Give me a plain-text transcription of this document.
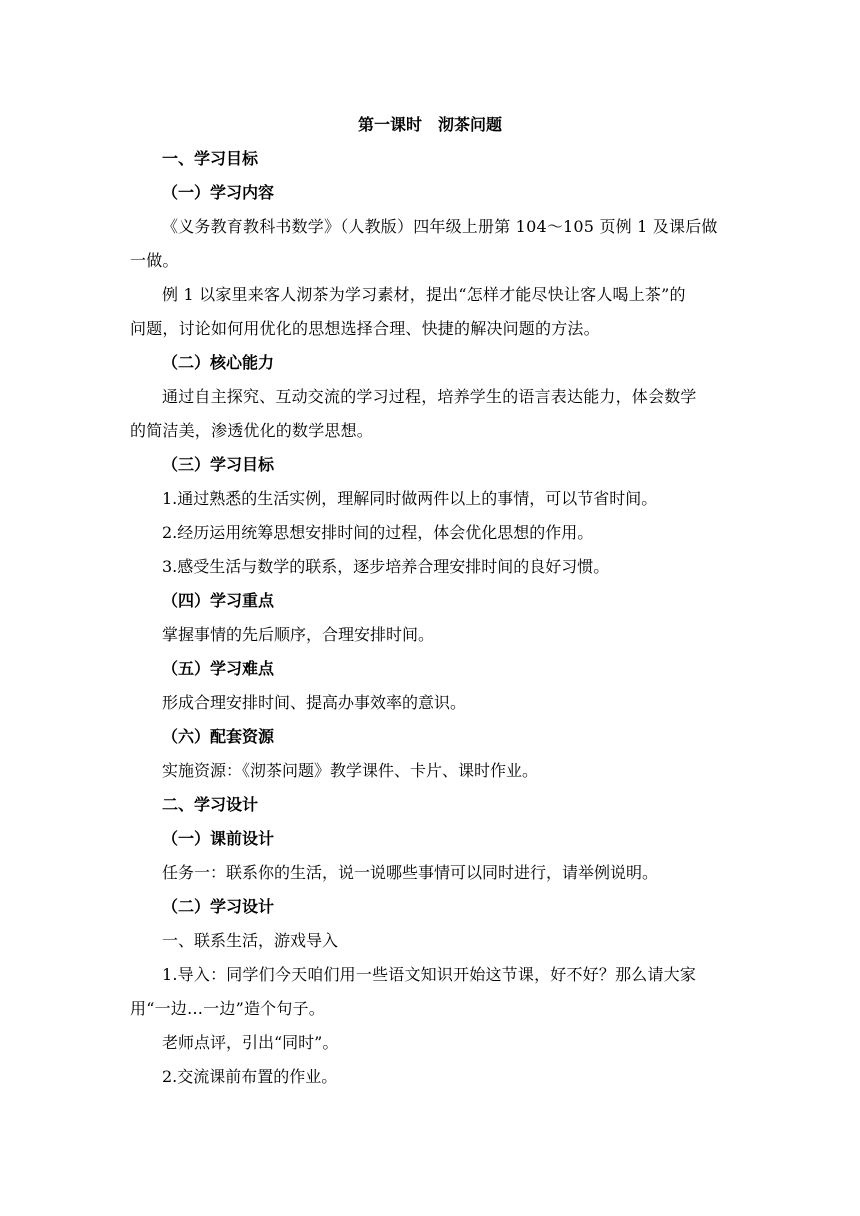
第一课时　沏茶问题

一、学习目标

（一）学习内容

《义务教育教科书数学》（人教版）四年级上册第 104～105 页例 1 及课后做
一做。

例 1 以家里来客人沏茶为学习素材，提出“怎样才能尽快让客人喝上茶”的
问题，讨论如何用优化的思想选择合理、快捷的解决问题的方法。

（二）核心能力

通过自主探究、互动交流的学习过程，培养学生的语言表达能力，体会数学
的简洁美，渗透优化的数学思想。

（三）学习目标

1.通过熟悉的生活实例，理解同时做两件以上的事情，可以节省时间。

2.经历运用统筹思想安排时间的过程，体会优化思想的作用。

3.感受生活与数学的联系，逐步培养合理安排时间的良好习惯。

（四）学习重点

掌握事情的先后顺序，合理安排时间。

（五）学习难点

形成合理安排时间、提高办事效率的意识。

（六）配套资源

实施资源：《沏茶问题》教学课件、卡片、课时作业。

二、学习设计

（一）课前设计

任务一：联系你的生活，说一说哪些事情可以同时进行，请举例说明。

（二）学习设计

一、联系生活，游戏导入

1.导入：同学们今天咱们用一些语文知识开始这节课，好不好？那么请大家
用“一边…一边”造个句子。

老师点评，引出“同时”。

2.交流课前布置的作业。
